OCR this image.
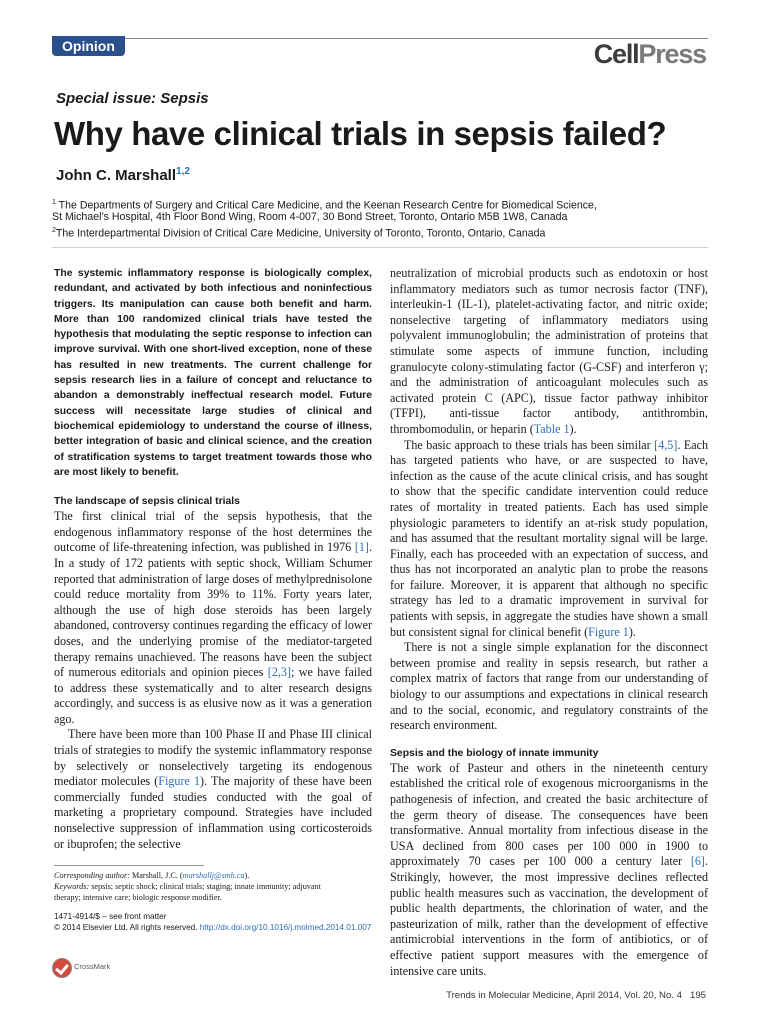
Opinion	CellPress
Special issue: Sepsis
Why have clinical trials in sepsis failed?
John C. Marshall$^{1,2}$
$^1$ The Departments of Surgery and Critical Care Medicine, and the Keenan Research Centre for Biomedical Science,
St Michael’s Hospital, 4th Floor Bond Wing, Room 4-007, 30 Bond Street, Toronto, Ontario M5B 1W8, Canada
$^2$The Interdepartmental Division of Critical Care Medicine, University of Toronto, Toronto, Ontario, Canada

The systemic inflammatory response is biologically complex, redundant, and activated by both infectious and noninfectious triggers. Its manipulation can cause both benefit and harm. More than 100 randomized clinical trials have tested the hypothesis that modulating the septic response to infection can improve survival. With one short-lived exception, none of these has resulted in new treatments. The current challenge for sepsis research lies in a failure of concept and reluctance to abandon a demonstrably ineffectual research model. Future success will necessitate large studies of clinical and biochemical epidemiology to understand the course of illness, better integration of basic and clinical science, and the creation of stratification systems to target treatment towards those who are most likely to benefit.

The landscape of sepsis clinical trials

The first clinical trial of the sepsis hypothesis, that the endogenous inflammatory response of the host determines the outcome of life-threatening infection, was published in 1976 [1]. In a study of 172 patients with septic shock, William Schumer reported that administration of large doses of methylprednisolone could reduce mortality from 39% to 11%. Forty years later, although the use of high dose steroids has been largely abandoned, controversy continues regarding the efficacy of lower doses, and the underlying promise of the mediator-targeted therapy remains unachieved. The reasons have been the subject of numerous editorials and opinion pieces [2,3]; we have failed to address these systematically and to alter research designs accordingly, and success is as elusive now as it was a generation ago.

There have been more than 100 Phase II and Phase III clinical trials of strategies to modify the systemic inflammatory response by selectively or nonselectively targeting its endogenous mediator molecules (Figure 1). The majority of these have been commercially funded studies conducted with the goal of marketing a proprietary compound. Strategies have included nonselective suppression of inflammation using corticosteroids or ibuprofen; the selective

neutralization of microbial products such as endotoxin or host inflammatory mediators such as tumor necrosis factor (TNF), interleukin-1 (IL-1), platelet-activating factor, and nitric oxide; nonselective targeting of inflammatory mediators using polyvalent immunoglobulin; the administration of proteins that stimulate some aspects of immune function, including granulocyte colony-stimulating factor (G-CSF) and interferon γ; and the administration of anticoagulant molecules such as activated protein C (APC), tissue factor pathway inhibitor (TFPI), anti-tissue factor antibody, antithrombin, thrombomodulin, or heparin (Table 1).

The basic approach to these trials has been similar [4,5]. Each has targeted patients who have, or are suspected to have, infection as the cause of the acute clinical crisis, and has sought to show that the specific candidate intervention could reduce rates of mortality in treated patients. Each has used simple physiologic parameters to identify an at-risk study population, and has assumed that the resultant mortality signal will be large. Finally, each has proceeded with an expectation of success, and thus has not incorporated an analytic plan to probe the reasons for failure. Moreover, it is apparent that although no specific strategy has led to a dramatic improvement in survival for patients with sepsis, in aggregate the studies have shown a small but consistent signal for clinical benefit (Figure 1).

There is not a single simple explanation for the disconnect between promise and reality in sepsis research, but rather a complex matrix of factors that range from our understanding of biology to our assumptions and expectations in clinical research and to the social, economic, and regulatory constraints of the research environment.

Sepsis and the biology of innate immunity

The work of Pasteur and others in the nineteenth century established the critical role of exogenous microorganisms in the pathogenesis of infection, and created the basic architecture of the germ theory of disease. The consequences have been transformative. Annual mortality from infectious disease in the USA declined from 800 cases per 100 000 in 1900 to approximately 70 cases per 100 000 a century later [6]. Strikingly, however, the most impressive declines reflected public health measures such as vaccination, the development of public health departments, the chlorination of water, and the pasteurization of milk, rather than the development of effective antimicrobial interventions in the form of antibiotics, or of effective patient support measures with the emergence of intensive care units.

Corresponding author: Marshall, J.C. (marshallj@smh.ca).
Keywords: sepsis; septic shock; clinical trials; staging; innate immunity; adjuvant
therapy; intensive care; biologic response modifier.
1471-4914/$ – see front matter
© 2014 Elsevier Ltd. All rights reserved. http://dx.doi.org/10.1016/j.molmed.2014.01.007
CrossMark
Trends in Molecular Medicine, April 2014, Vol. 20, No. 4 195
